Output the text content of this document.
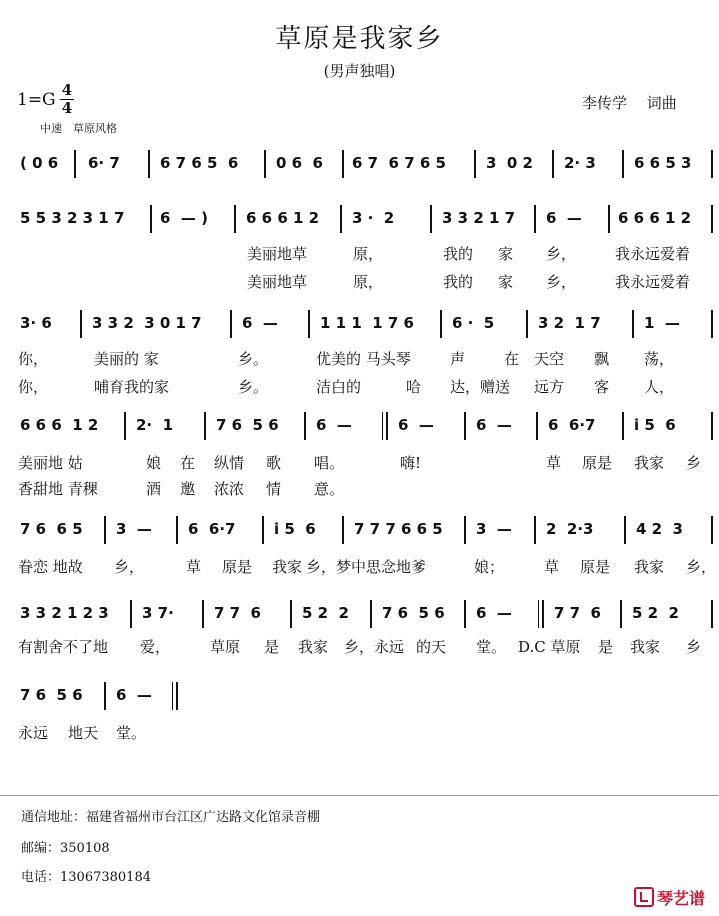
草原是我家乡
(男声独唱)
1=G 4
4	李传学　 词曲
中速　草原风格
( 0 6 6· 7	6 7 6 5  6	0 6  6 6 7  6 7 6 5	3  0 2 2· 3	6 6 5 3
5 5 3 2 3 1 7 6  — )	6 6 6 1 2 3 ·  2	3 3 2 1 7 6  — 6 6 6 1 2
美丽地草	原，	我的 家 乡，	我永远爱着
美丽地草	原，	我的 家 乡，	我永远爱着
3· 6	3 3 2  3 0 1 7	6  —	1 1 1  1 7 6	6 ·  5	3 2  1 7	1  —
你，	美丽的 家	乡。	优美的 马头琴	声	在 天空 飘 荡，
你，	哺育我的家	乡。	洁白的	哈 达，赠送 远方 客 人，
6 6 6  1 2	2·  1	7 6  5 6 6  —	6  —	6  — 6  6·7	i 5  6
美丽地 姑	娘 在 纵情 歌 唱。	嗨!	草 原是 我家 乡
香甜地 青稞	酒 邀 浓浓 情 意。
7 6  6 5 3  — 6  6·7	i 5  6	7 7 7 6 6 5 3  — 2  2·3	4 2  3
眷恋 地故 乡，	草 原是 我家 乡，梦中思念地爹	娘；	草 原是 我家 乡，
3 3 2 1 2 3 3 7·	7 7  6	5 2  2 7 6  5 6 6  —	7 7  6 5 2  2
有割舍不了地 爱，	草原 是 我家 乡，永远 的天 堂。 D.C 草原 是 我家 乡
7 6  5 6 6  —
永远 地天 堂。
通信地址：福建省福州市台江区广达路文化馆录音棚
邮编：350108
电话：13067380184
琴艺谱
